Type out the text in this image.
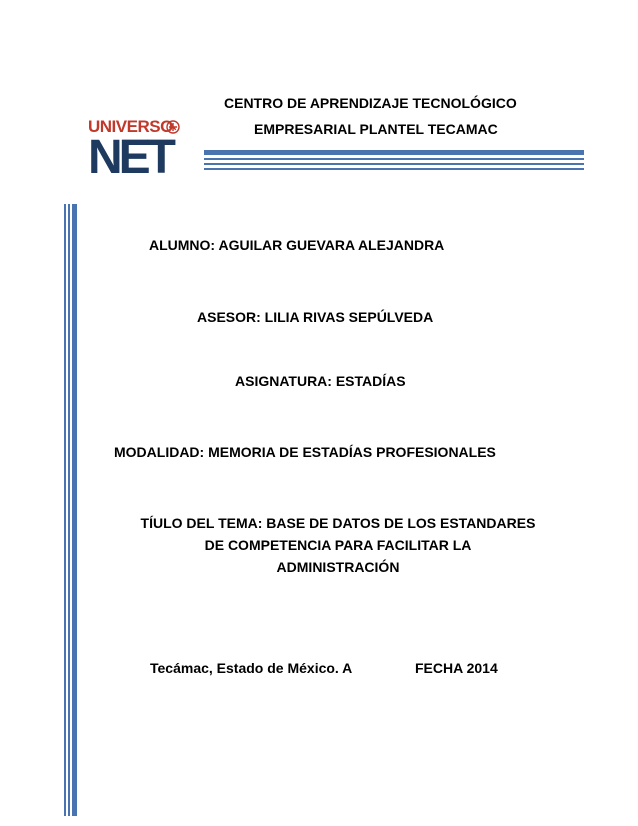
UNIVERSO
NET
CENTRO DE APRENDIZAJE TECNOLÓGICO
EMPRESARIAL PLANTEL TECAMAC
ALUMNO: AGUILAR GUEVARA ALEJANDRA
ASESOR: LILIA RIVAS SEPÚLVEDA
ASIGNATURA: ESTADÍAS
MODALIDAD: MEMORIA DE ESTADÍAS PROFESIONALES
TÍULO DEL TEMA: BASE DE DATOS DE LOS ESTANDARES
DE COMPETENCIA PARA FACILITAR LA
ADMINISTRACIÓN
Tecámac, Estado de México. A	FECHA 2014
